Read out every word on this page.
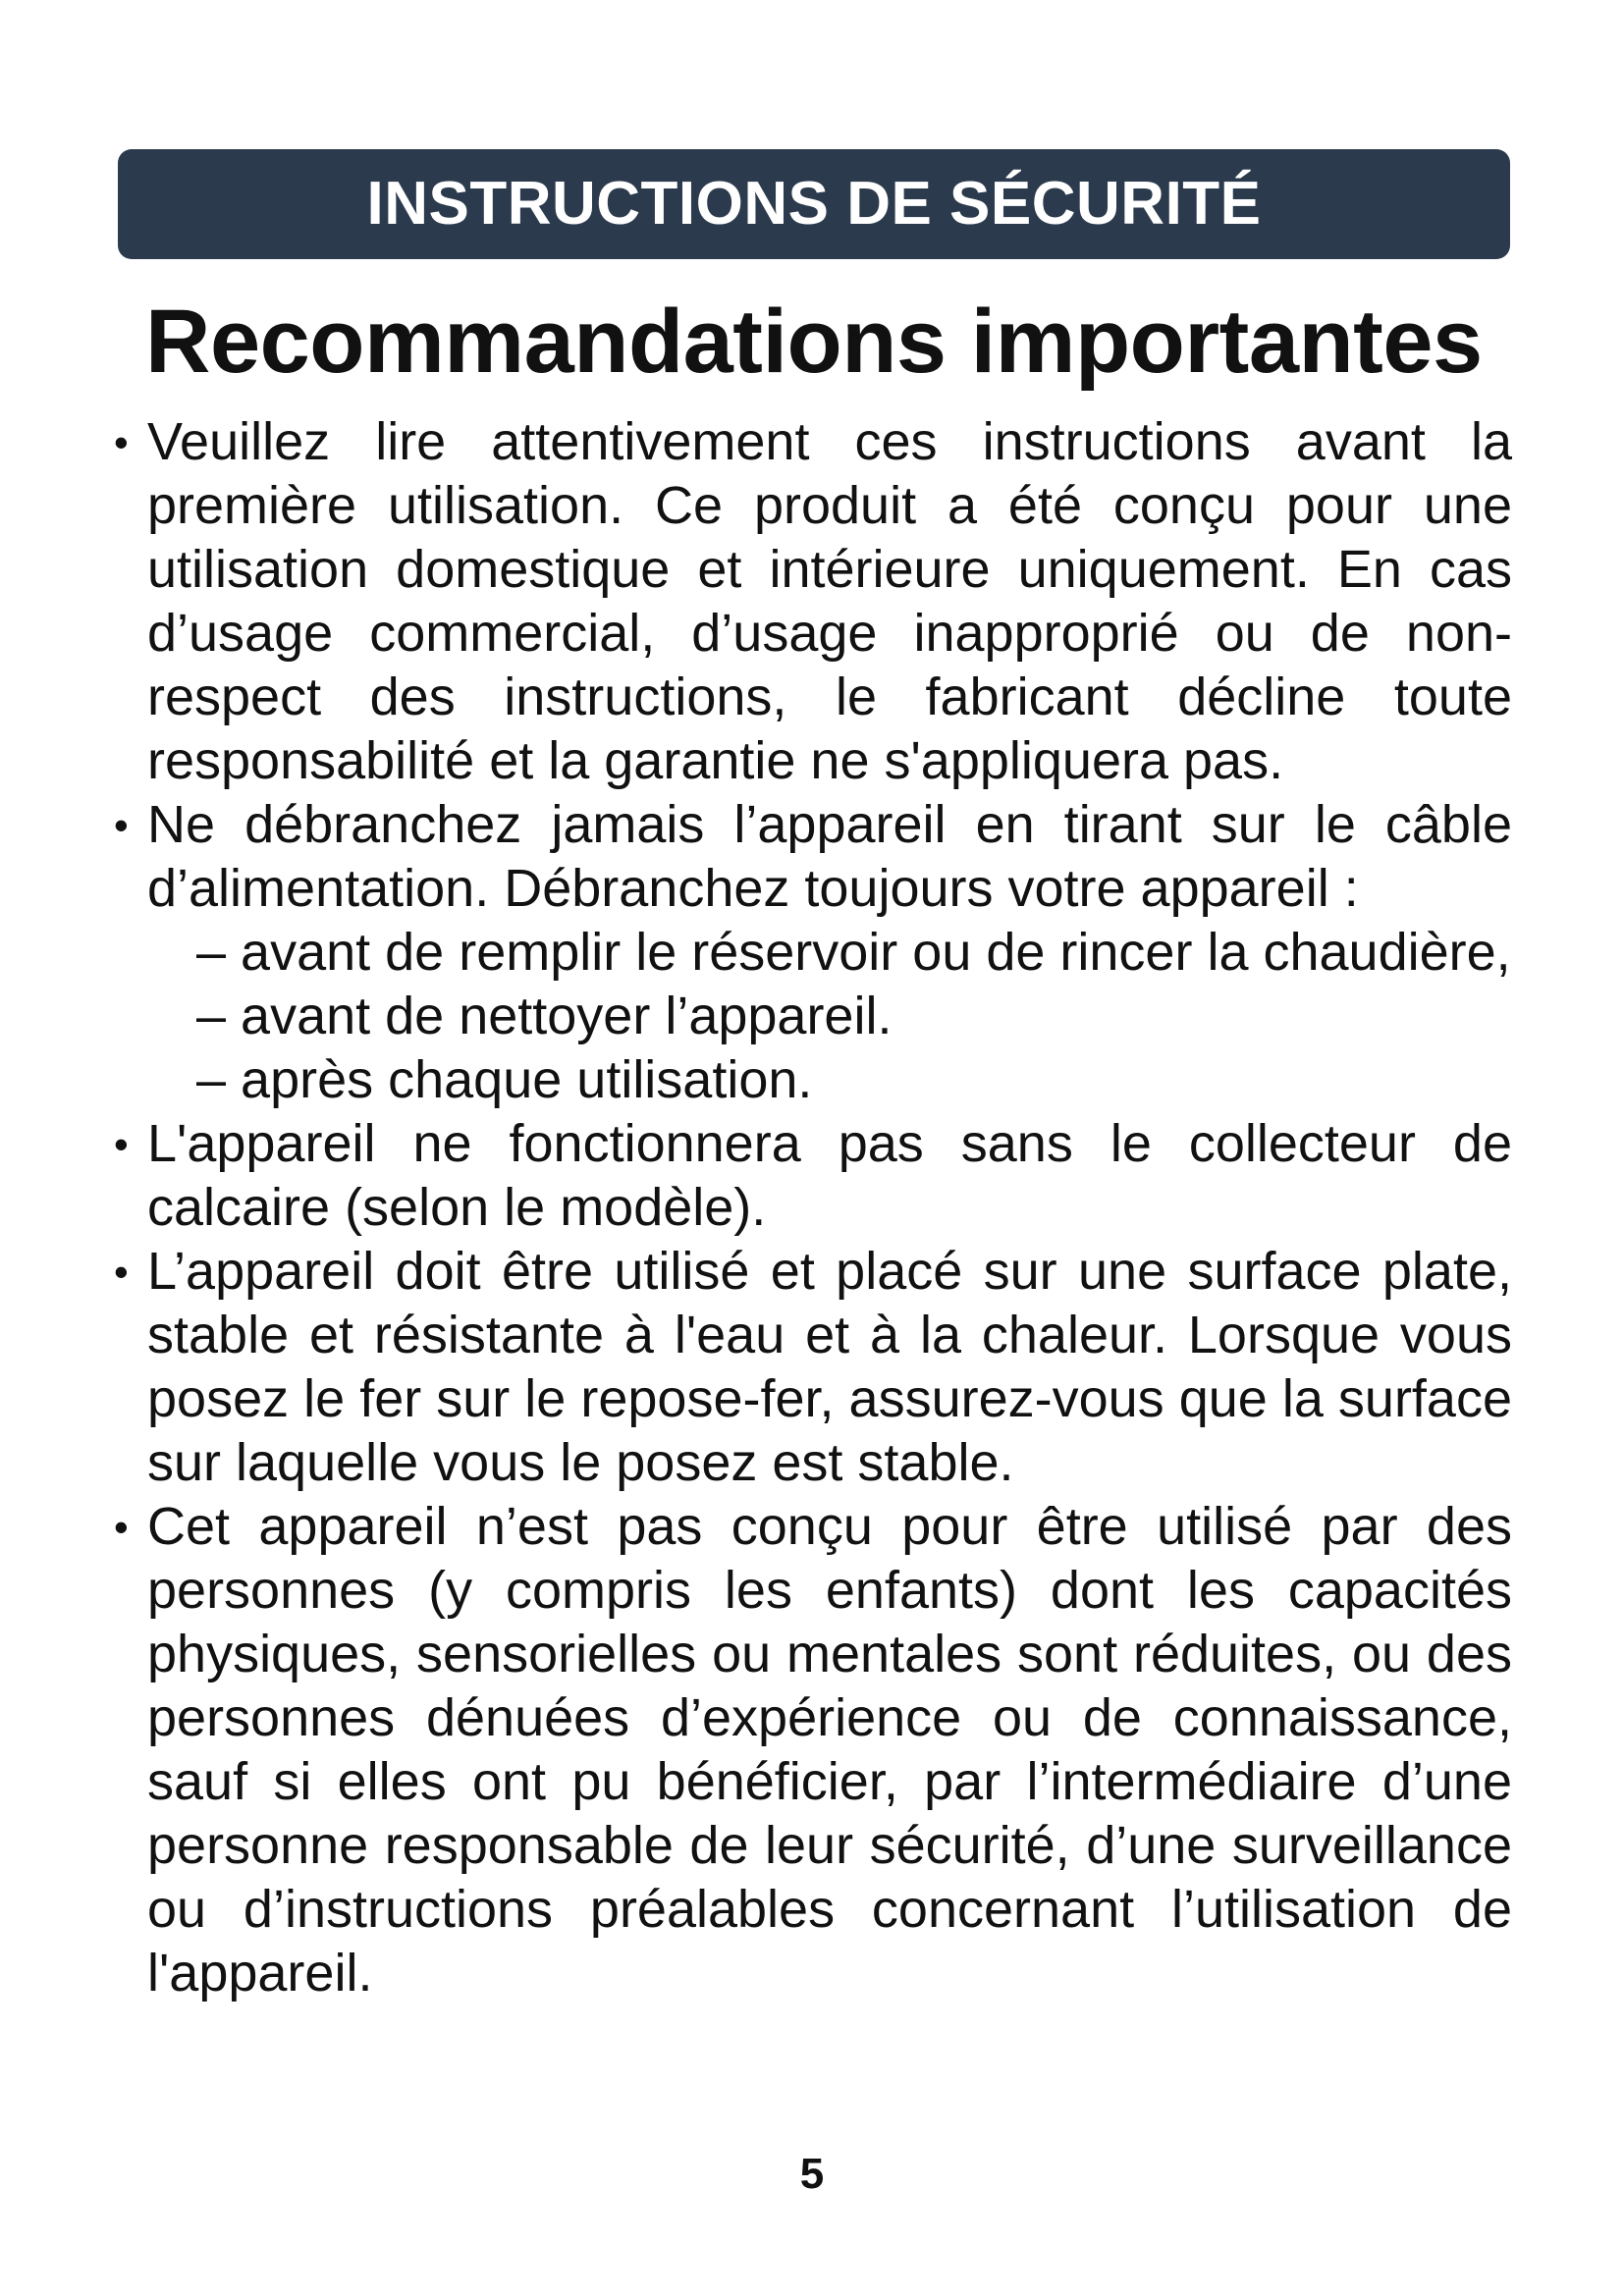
INSTRUCTIONS DE SÉCURITÉ
Recommandations importantes
• Veuillez lire attentivement ces instructions avant la première utilisation. Ce produit a été conçu pour une utilisation domestique et intérieure uniquement. En cas d’usage commercial, d’usage inapproprié ou de non-respect des instructions, le fabricant décline toute responsabilité et la garantie ne s'appliquera pas.
• Ne débranchez jamais l’appareil en tirant sur le câble d’alimentation. Débranchez toujours votre appareil :
– avant de remplir le réservoir ou de rincer la chaudière,
– avant de nettoyer l’appareil.
– après chaque utilisation.
• L'appareil ne fonctionnera pas sans le collecteur de calcaire (selon le modèle).
• L’appareil doit être utilisé et placé sur une surface plate, stable et résistante à l'eau et à la chaleur. Lorsque vous posez le fer sur le repose-fer, assurez-vous que la surface sur laquelle vous le posez est stable.
• Cet appareil n’est pas conçu pour être utilisé par des personnes (y compris les enfants) dont les capacités physiques, sensorielles ou mentales sont réduites, ou des personnes dénuées d’expérience ou de connaissance, sauf si elles ont pu bénéficier, par l’intermédiaire d’une personne responsable de leur sécurité, d’une surveillance ou d’instructions préalables concernant l’utilisation de l'appareil.
5
